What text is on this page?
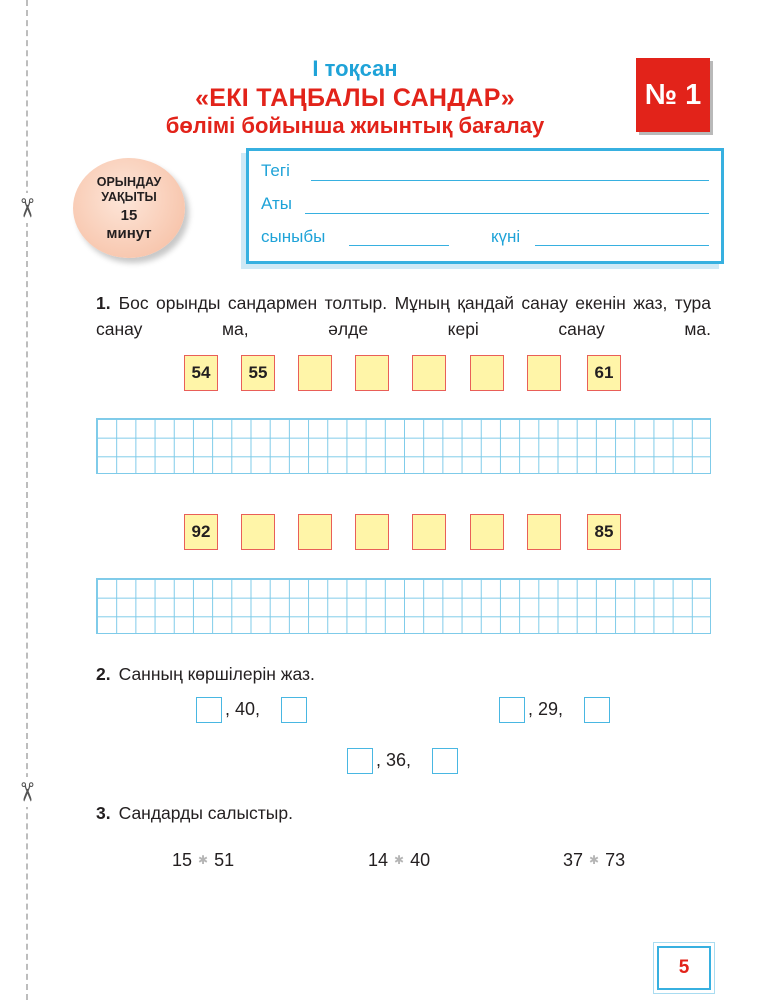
✂
✂
І тоқсан
«ЕКІ ТАҢБАЛЫ САНДАР»
бөлімі бойынша жиынтық бағалау
№ 1
ОРЫНДАУ
УАҚЫТЫ
15
минут
Тегі
Аты
сыныбы	күні
1. Бос орынды сандармен толтыр. Мұның қандай санау екенін жаз, тура санау ма, әлде кері санау ма.
54	55	61
92	85
2. Санның көршілерін жаз.
, 40,	, 29,
, 36,
3. Сандарды салыстыр.
15 ✱ 51	14 ✱ 40	37 ✱ 73
5
